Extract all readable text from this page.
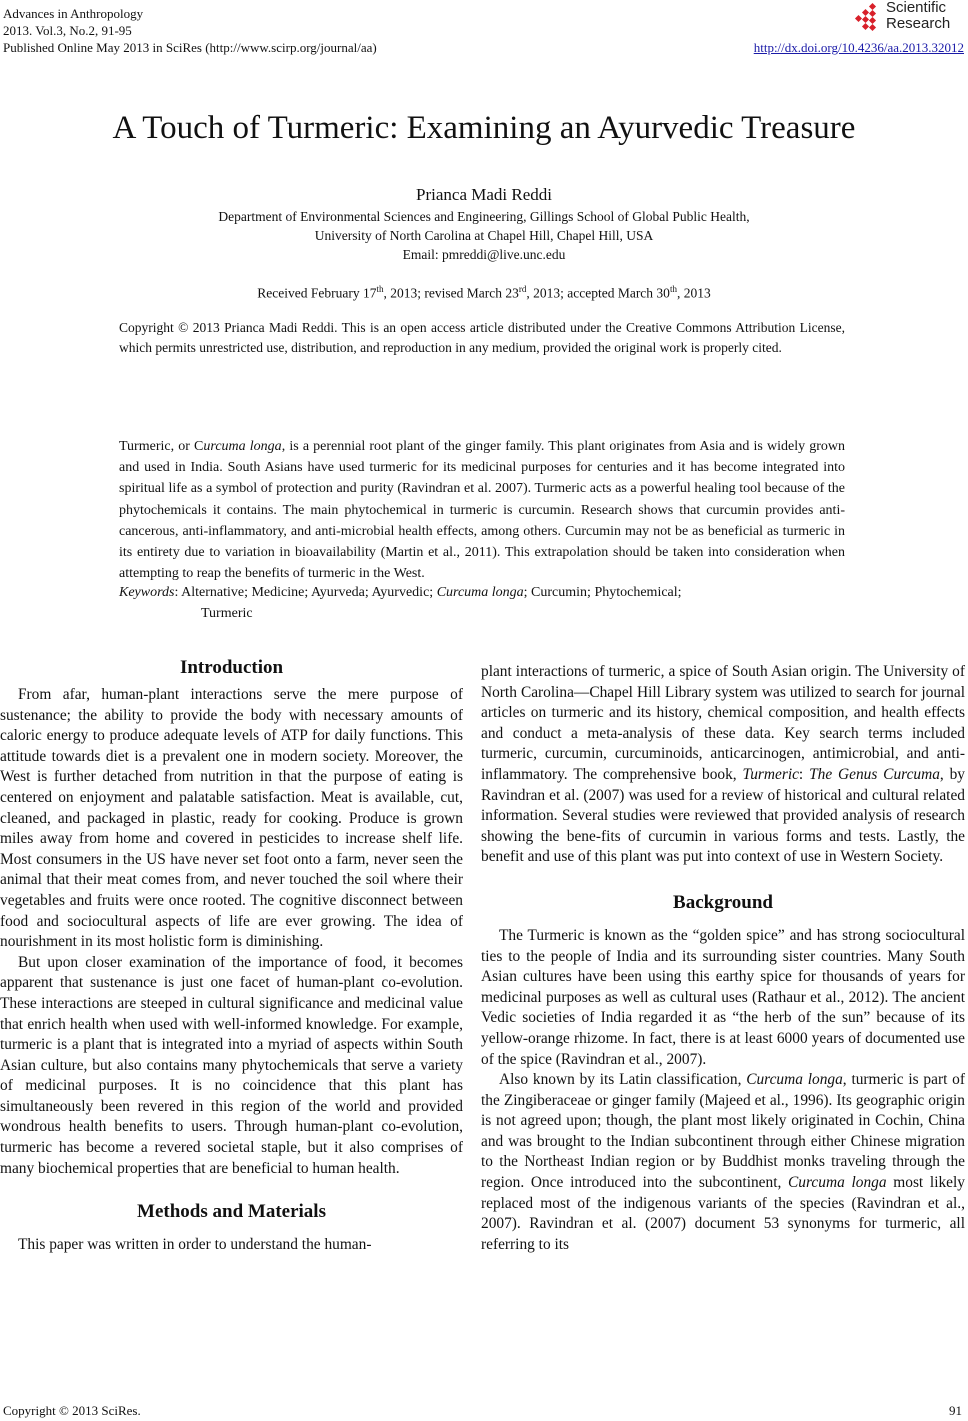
Advances in Anthropology
2013. Vol.3, No.2, 91-95
Published Online May 2013 in SciRes (http://www.scirp.org/journal/aa)
Scientific
Research
http://dx.doi.org/10.4236/aa.2013.32012
A Touch of Turmeric: Examining an Ayurvedic Treasure
Prianca Madi Reddi
Department of Environmental Sciences and Engineering, Gillings School of Global Public Health,
University of North Carolina at Chapel Hill, Chapel Hill, USA
Email: pmreddi@live.unc.edu
Received February 17th, 2013; revised March 23rd, 2013; accepted March 30th, 2013
Copyright © 2013 Prianca Madi Reddi. This is an open access article distributed under the Creative Commons Attribution License, which permits unrestricted use, distribution, and reproduction in any medium, provided the original work is properly cited.
Turmeric, or Curcuma longa, is a perennial root plant of the ginger family. This plant originates from Asia and is widely grown and used in India. South Asians have used turmeric for its medicinal purposes for centuries and it has become integrated into spiritual life as a symbol of protection and purity (Ravindran et al. 2007). Turmeric acts as a powerful healing tool because of the phytochemicals it contains. The main phytochemical in turmeric is curcumin. Research shows that curcumin provides anti-cancerous, anti-inflammatory, and anti-microbial health effects, among others. Curcumin may not be as beneficial as turmeric in its entirety due to variation in bioavailability (Martin et al., 2011). This extrapolation should be taken into consideration when attempting to reap the benefits of turmeric in the West.
Keywords: Alternative; Medicine; Ayurveda; Ayurvedic; Curcuma longa; Curcumin; Phytochemical;
Turmeric
Introduction

From afar, human-plant interactions serve the mere purpose of sustenance; the ability to provide the body with necessary amounts of caloric energy to produce adequate levels of ATP for daily functions. This attitude towards diet is a prevalent one in modern society. Moreover, the West is further detached from nutrition in that the purpose of eating is centered on enjoyment and palatable satisfaction. Meat is available, cut, cleaned, and packaged in plastic, ready for cooking. Produce is grown miles away from home and covered in pesticides to increase shelf life. Most consumers in the US have never set foot onto a farm, never seen the animal that their meat comes from, and never touched the soil where their vegetables and fruits were once rooted. The cognitive disconnect between food and sociocultural aspects of life are ever growing. The idea of nourishment in its most holistic form is diminishing.

But upon closer examination of the importance of food, it becomes apparent that sustenance is just one facet of human-plant co-evolution. These interactions are steeped in cultural significance and medicinal value that enrich health when used with well-informed knowledge. For example, turmeric is a plant that is integrated into a myriad of aspects within South Asian culture, but also contains many phytochemicals that serve a variety of medicinal purposes. It is no coincidence that this plant has simultaneously been revered in this region of the world and provided wondrous health benefits to users. Through human-plant co-evolution, turmeric has become a revered societal staple, but it also comprises of many biochemical properties that are beneficial to human health.

Methods and Materials

This paper was written in order to understand the human-

plant interactions of turmeric, a spice of South Asian origin. The University of North Carolina—Chapel Hill Library system was utilized to search for journal articles on turmeric and its history, chemical composition, and health effects and conduct a meta-analysis of these data. Key search terms included turmeric, curcumin, curcuminoids, anticarcinogen, antimicrobial, and anti-inflammatory. The comprehensive book, Turmeric: The Genus Curcuma, by Ravindran et al. (2007) was used for a review of historical and cultural related information. Several studies were reviewed that provided analysis of research showing the bene-fits of curcumin in various forms and tests. Lastly, the benefit and use of this plant was put into context of use in Western Society.

Background

The Turmeric is known as the “golden spice” and has strong sociocultural ties to the people of India and its surrounding sister countries. Many South Asian cultures have been using this earthy spice for thousands of years for medicinal purposes as well as cultural uses (Rathaur et al., 2012). The ancient Vedic societies of India regarded it as “the herb of the sun” because of its yellow-orange rhizome. In fact, there is at least 6000 years of documented use of the spice (Ravindran et al., 2007).

Also known by its Latin classification, Curcuma longa, turmeric is part of the Zingiberaceae or ginger family (Majeed et al., 1996). Its geographic origin is not agreed upon; though, the plant most likely originated in Cochin, China and was brought to the Indian subcontinent through either Chinese migration to the Northeast Indian region or by Buddhist monks traveling through the region. Once introduced into the subcontinent, Curcuma longa most likely replaced most of the indigenous variants of the species (Ravindran et al., 2007). Ravindran et al. (2007) document 53 synonyms for turmeric, all referring to its

Copyright © 2013 SciRes.	91
